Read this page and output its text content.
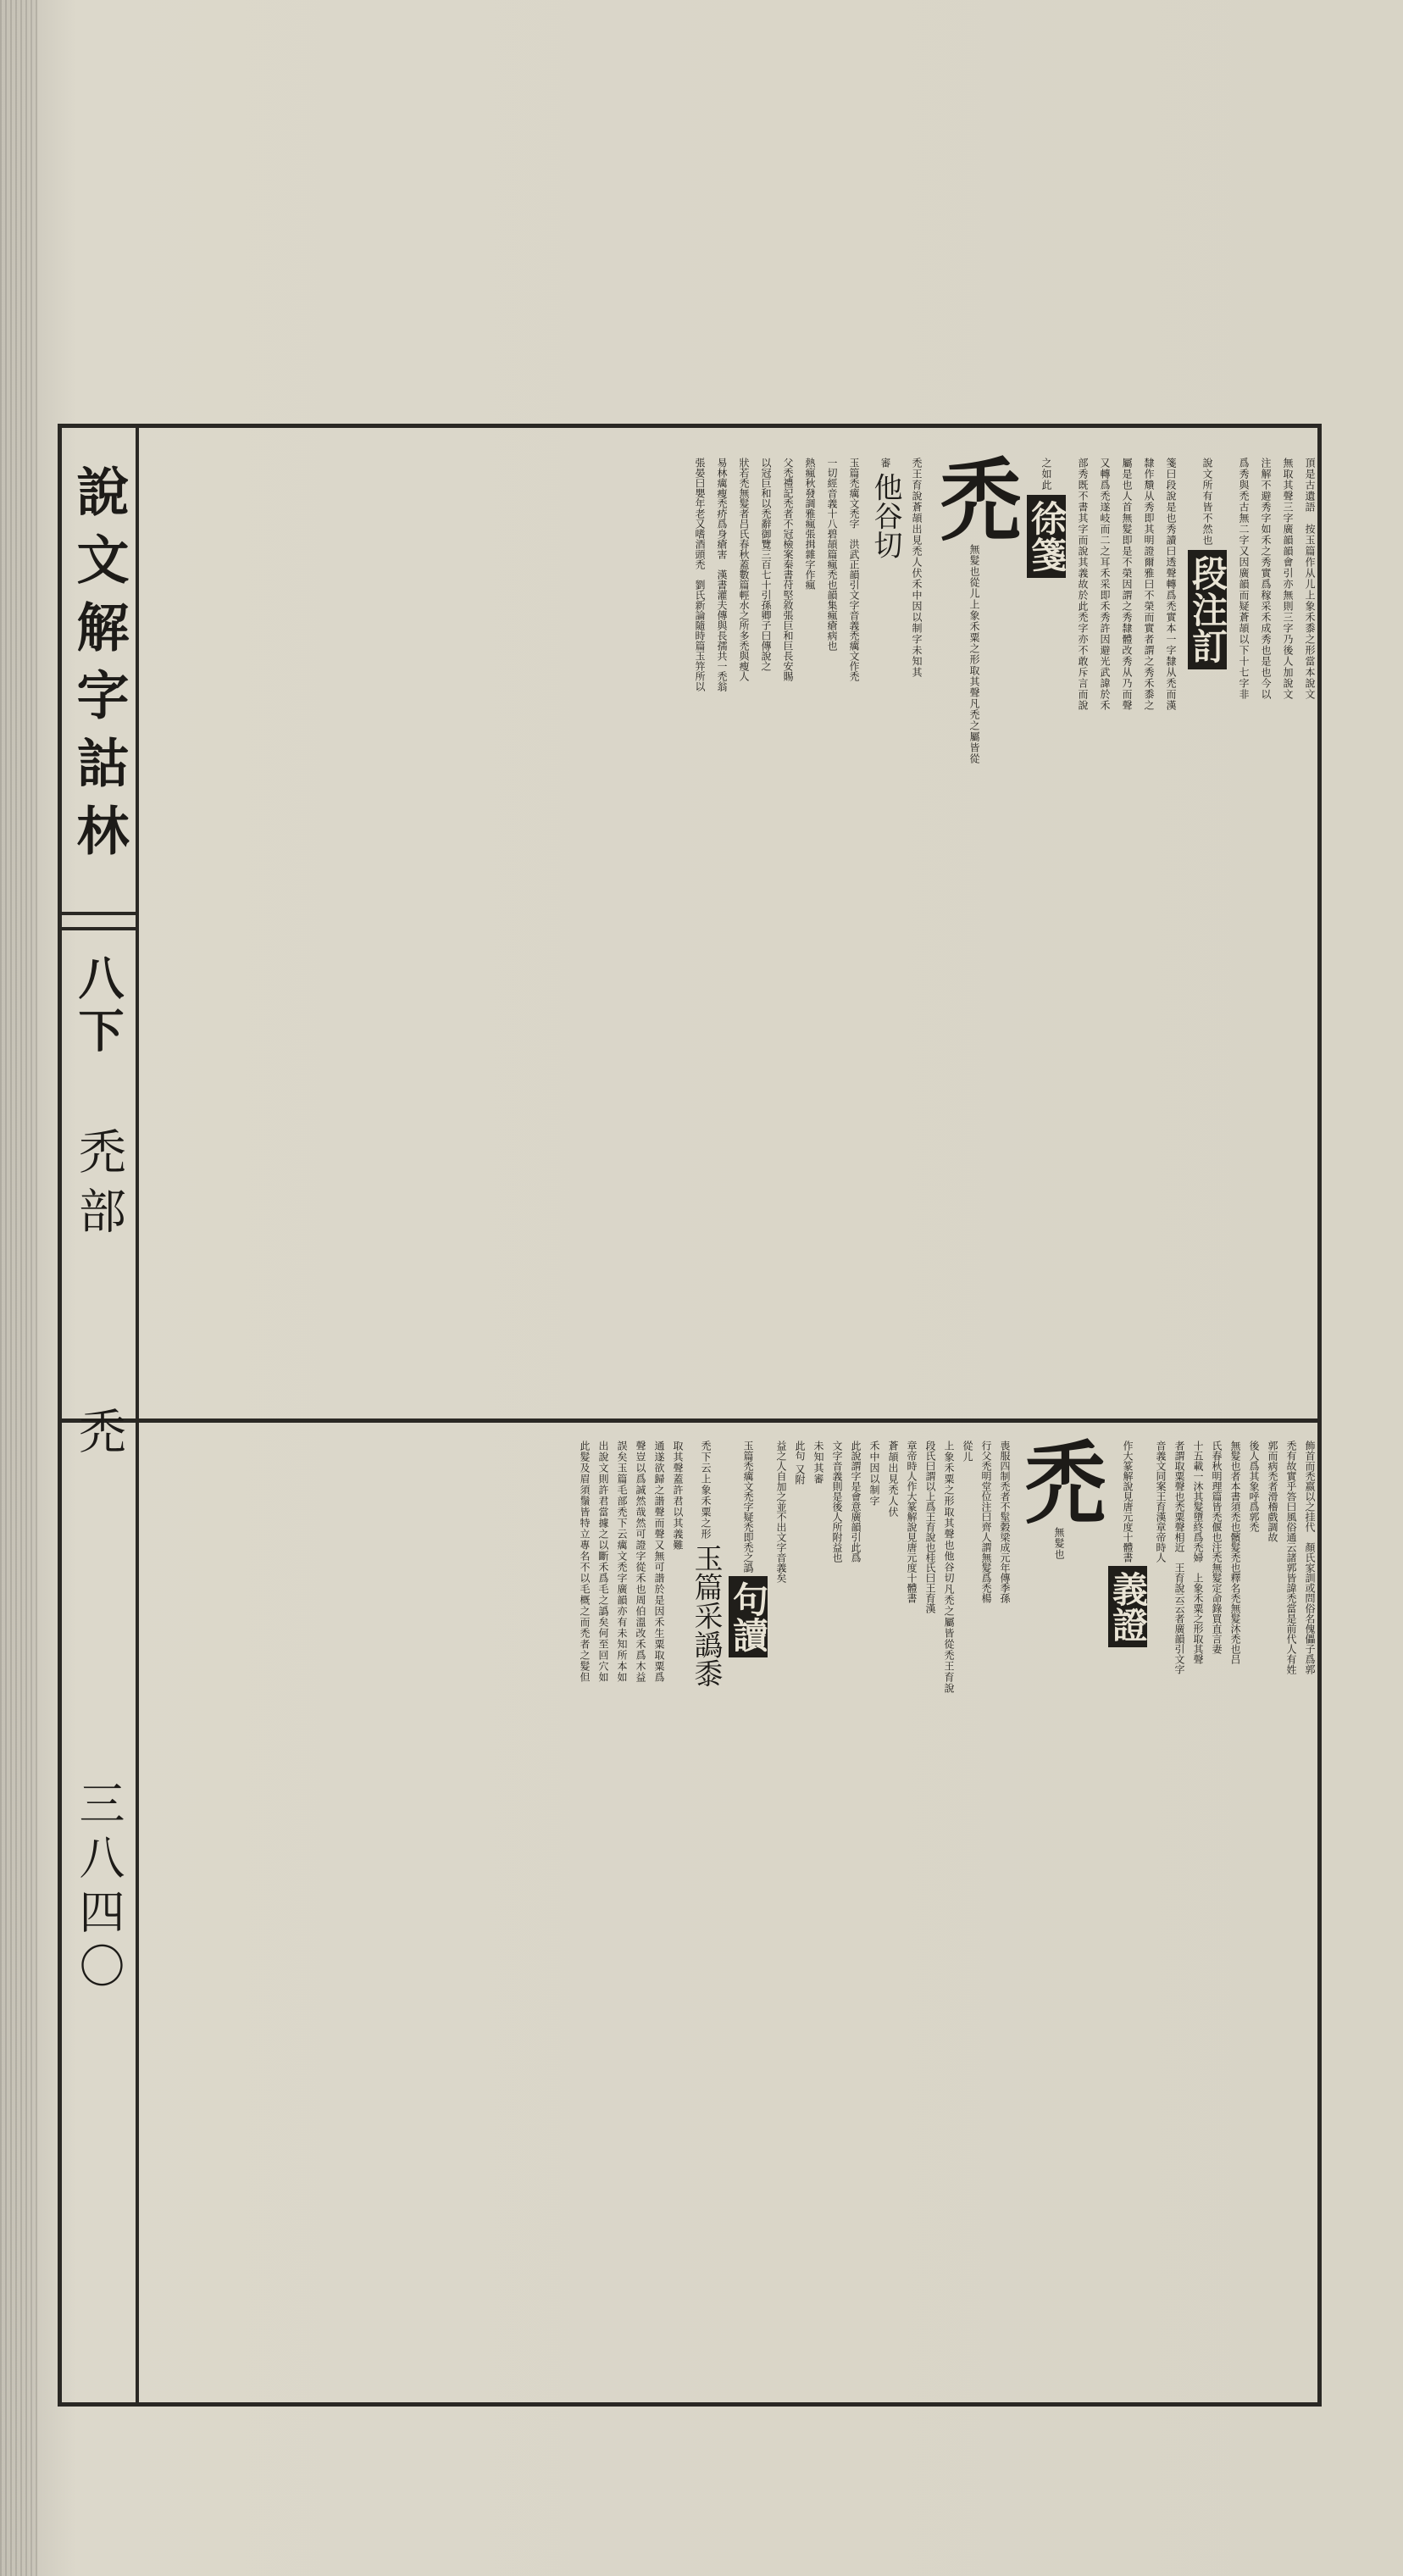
說文解字詁林
八下
禿部
禿
三八四〇
頂是古遺語　按玉篇作从儿上象禾黍之形當本說文
無取其聲三字廣韻韻會引亦無則三字乃後人加說文
注解不避秀字如禾之秀實爲稼采禾成秀也是也今以
爲秀與禿古無二字又因廣韻而疑蒼頡以下十七字非
說文所有皆不然也 段注訂
箋曰段說是也秀讀曰透聲轉爲禿實本一字隸从禿而漢
隸作穨从秀即其明證爾雅曰不榮而實者謂之秀禾黍之
屬是也人首無髮即是不榮因謂之秀隸體改秀从乃而聲
又轉爲禿遂岐而二之耳禾采即禾秀許因避光武諱於禾
部秀既不書其字而說其義故於此禿字亦不敢斥言而說
之如此 徐箋
禿 無髮也從儿上象禾粟之形取其聲凡禿之屬皆從
禿王育說蒼頡出見禿人伏禾中因以制字未知其
審 他谷切
玉篇禿癘文禿字　洪武正韻引文字音義禿癘文作禿
一切經音義十八碧頡篇瘋禿也韻集瘋瘡病也
熱瘋秋發調雅瘋張揖雜字作瘋
父禿禮記禿者不冠檢案秦書苻堅敘張巨和巨長安賜
以冠巨和以禿辭御覽三百七十引孫卿子曰傳說之
狀若禿無髮者吕氏春秋蓋數篇輕水之所多禿與瘦人
易林癘瘦禿疥爲身瘡害　漢書灌夫傳與長孺共一禿翁
張晏曰嬰年老又嗜酒頭禿　劉氏新論隨時篇玉笄所以
飾首而禿嬴以之挂代　顏氏家訓或問俗名傀儡子爲郭
禿有故實乎答曰風俗通云諸郭皆諱禿當是前代人有姓
郭而病禿者滑稽戲調故
後人爲其象呼爲郭禿
無髮也者本書須禿也髕髮禿也釋名禿無髮沐禿也吕
氏春秋明理篇皆禿偃也注禿無髮定命錄買直言妻
十五載一沐其髮墮終爲禿婦　上象禾粟之形取其聲
者謂取粟聲也禿粟聲相近　王育說云云者廣韻引文字
音義文同案王育漢章帝時人
作大篆解說見唐元度十體書 義證
禿 無髮也
喪服四制禿者不髽穀梁成元年傳季孫
行父禿明堂位注曰齊人謂無髮爲禿楊
從儿
上象禾粟之形取其聲也他谷切凡禿之屬皆從禿王育說
段氏曰謂以上爲王育說也桂氏曰王育漢
章帝時人作大篆解說見唐元度十體書
蒼頡出見禿人伏
禾中因以制字
此說謂字是會意廣韻引此爲
文字音義則是後人所附益也
未知其審
此句 又附
益之人自加之並不出文字音義矣
玉篇禿癘文禿字疑禿即禿之譌 句讀
禿下云上象禾粟之形 玉篇采譌黍
取其聲蓋許君以其義難
通遂欲歸之諧聲而聲又無可諧於是因禾生粟取粟爲
聲豈以爲誠然哉然可證字從禾也周伯溫改禾爲木益
誤矣玉篇毛部禿下云癘文禿字廣韻亦有未知所本如
出說文則許君當據之以斷禾爲毛之譌矣何至回穴如
此髮及眉須鬚皆特立專名不以毛概之而禿者之髮但
